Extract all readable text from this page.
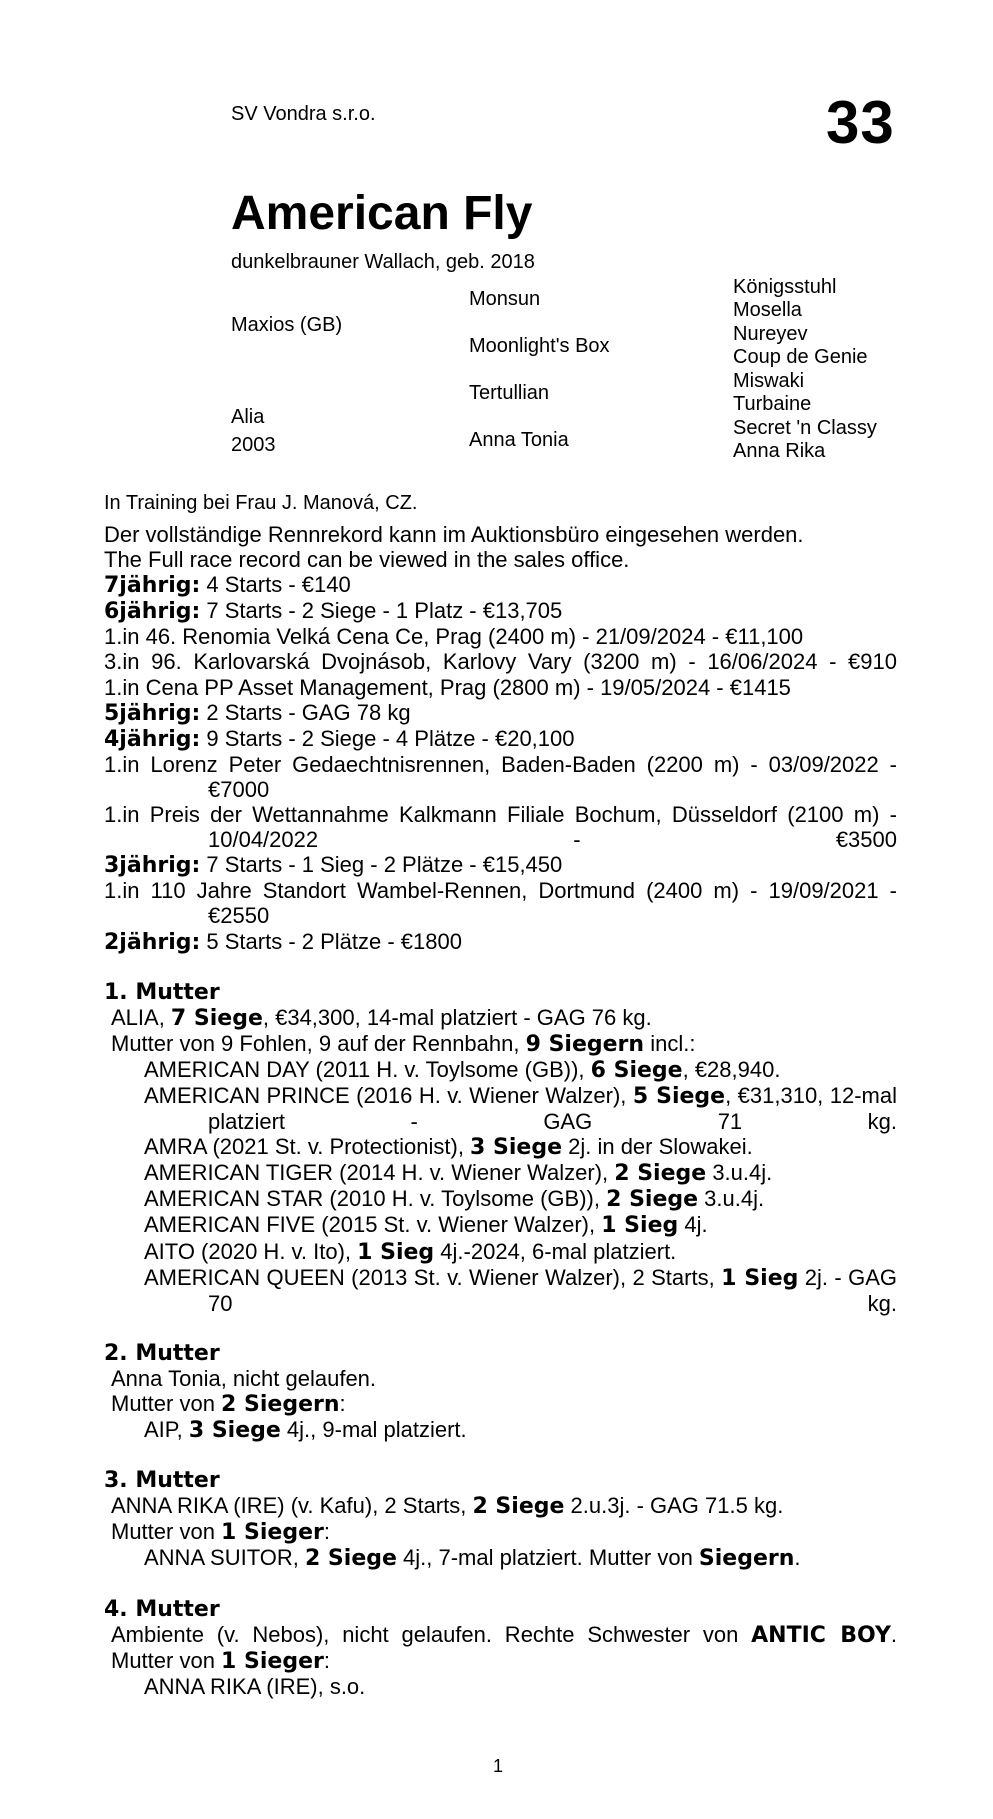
SV Vondra s.r.o.	33
American Fly
dunkelbrauner Wallach, geb. 2018
Maxios (GB)
Alia
2003
Monsun
Moonlight's Box
Tertullian
Anna Tonia
Königsstuhl
Mosella
Nureyev
Coup de Genie
Miswaki
Turbaine
Secret 'n Classy
Anna Rika
In Training bei Frau J. Manová, CZ.
Der vollständige Rennrekord kann im Auktionsbüro eingesehen werden.
The Full race record can be viewed in the sales office.
7jährig: 4 Starts - €140
6jährig: 7 Starts - 2 Siege - 1 Platz - €13,705
1.in 46. Renomia Velká Cena Ce, Prag (2400 m) - 21/09/2024 - €11,100
3.in 96. Karlovarská Dvojnásob, Karlovy Vary (3200 m) - 16/06/2024 - €910
1.in Cena PP Asset Management, Prag (2800 m) - 19/05/2024 - €1415
5jährig: 2 Starts - GAG 78 kg
4jährig: 9 Starts - 2 Siege - 4 Plätze - €20,100
1.in Lorenz Peter Gedaechtnisrennen, Baden-Baden (2200 m) - 03/09/2022 - €7000
1.in Preis der Wettannahme Kalkmann Filiale Bochum, Düsseldorf (2100 m) - 10/04/2022 - €3500
3jährig: 7 Starts - 1 Sieg - 2 Plätze - €15,450
1.in 110 Jahre Standort Wambel-Rennen, Dortmund (2400 m) - 19/09/2021 - €2550
2jährig: 5 Starts - 2 Plätze - €1800
1. Mutter
ALIA, 7 Siege, €34,300, 14-mal platziert - GAG 76 kg.
Mutter von 9 Fohlen, 9 auf der Rennbahn, 9 Siegern incl.:
AMERICAN DAY (2011 H. v. Toylsome (GB)), 6 Siege, €28,940.
AMERICAN PRINCE (2016 H. v. Wiener Walzer), 5 Siege, €31,310, 12-mal platziert - GAG 71 kg.
AMRA (2021 St. v. Protectionist), 3 Siege 2j. in der Slowakei.
AMERICAN TIGER (2014 H. v. Wiener Walzer), 2 Siege 3.u.4j.
AMERICAN STAR (2010 H. v. Toylsome (GB)), 2 Siege 3.u.4j.
AMERICAN FIVE (2015 St. v. Wiener Walzer), 1 Sieg 4j.
AITO (2020 H. v. Ito), 1 Sieg 4j.-2024, 6-mal platziert.
AMERICAN QUEEN (2013 St. v. Wiener Walzer), 2 Starts, 1 Sieg 2j. - GAG 70 kg.
2. Mutter
Anna Tonia, nicht gelaufen.
Mutter von 2 Siegern:
AIP, 3 Siege 4j., 9-mal platziert.
3. Mutter
ANNA RIKA (IRE) (v. Kafu), 2 Starts, 2 Siege 2.u.3j. - GAG 71.5 kg.
Mutter von 1 Sieger:
ANNA SUITOR, 2 Siege 4j., 7-mal platziert. Mutter von Siegern.
4. Mutter
Ambiente (v. Nebos), nicht gelaufen. Rechte Schwester von ANTIC BOY.
Mutter von 1 Sieger:
ANNA RIKA (IRE), s.o.
1
